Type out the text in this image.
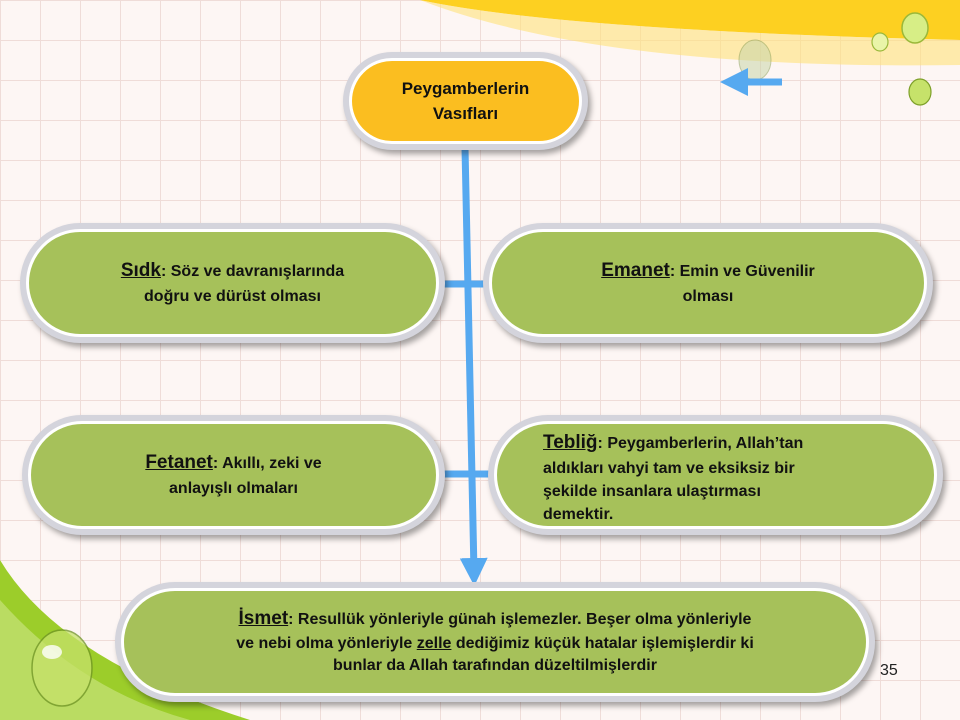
Peygamberlerin
Vasıfları
Sıdk: Söz ve davranışlarında
doğru ve dürüst olması
Emanet: Emin ve Güvenilir
olması
Fetanet: Akıllı, zeki ve
anlayışlı olmaları
Tebliğ: Peygamberlerin, Allah’tan
aldıkları vahyi tam ve eksiksiz bir
şekilde insanlara ulaştırması
demektir.
İsmet: Resullük yönleriyle günah işlemezler. Beşer olma yönleriyle
ve nebi olma yönleriyle zelle dediğimiz küçük hatalar işlemişlerdir ki
bunlar da Allah tarafından düzeltilmişlerdir	35
